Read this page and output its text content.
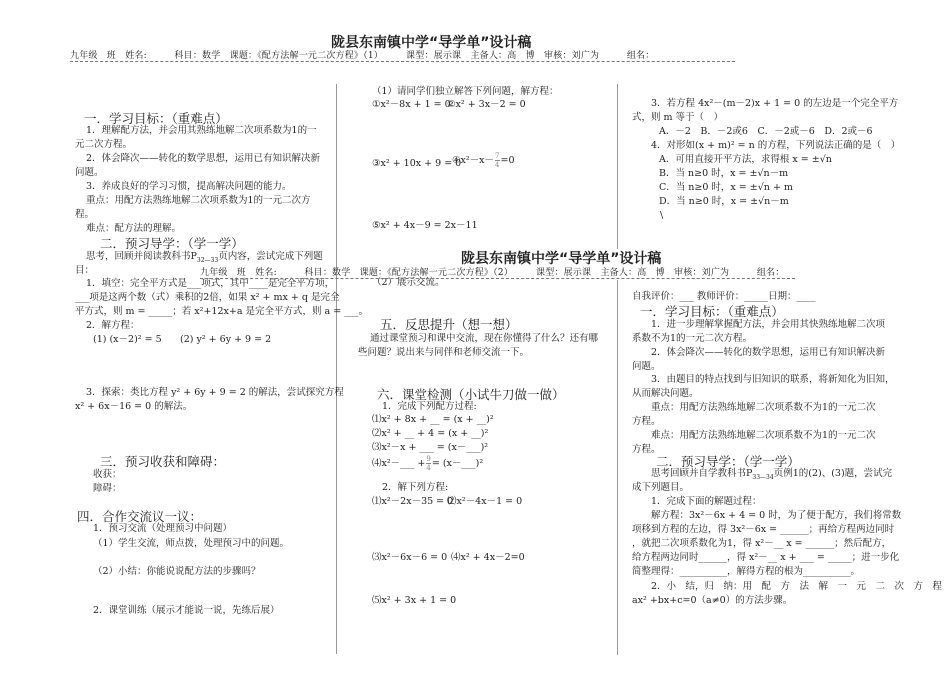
陇县东南镇中学“导学单”设计稿
九年级　班　姓名:　　　科目：数学　课题：《配方法解一元二次方程》（1）　　　课型：展示课　主备人：高　博　审核：刘广为　　　组名：
一．学习目标：（重难点）
1．理解配方法，并会用其熟练地解二次项系数为1的一
元二次方程。
2．体会降次——转化的数学思想，运用已有知识解决新
问题。
3．养成良好的学习习惯，提高解决问题的能力。
重点：用配方法熟练地解二次项系数为1的一元二次方
程。
难点：配方法的理解。
二．预习导学：（学一学）
思考，回顾并阅读教科书$P_{32—33}$页内容，尝试完成下列题
目：
1．填空：完全平方式是___项式，其中____是完全平方项，
___项是这两个数（式）乘积的2倍，如果 x² + mx + q 是完全
平方式，则 m = _____；若 x²+12x+a 是完全平方式，则 a = ___。
2．解方程：
(1) (x－2)² = 5 (2) y² + 6y + 9 = 2
3．探索：类比方程 y² + 6y + 9 = 2 的解法，尝试探究方程
x² + 6x－16 = 0 的解法。
三．预习收获和障碍：
收获：
障碍：
四．合作交流议一议：
1．预习交流（处理预习中问题）
（1）学生交流，师点拨，处理预习中的问题。
（2）小结：你能说说配方法的步骤吗？
2．课堂训练（展示才能说一说，先练后展）
（1）请同学们独立解答下列问题，解方程：
①x²－8x + 1 = 0
②x² + 3x－2 = 0
③x² + 10x + 9 = 0
④x²－x－ $\frac{7}{4} =0$
⑤x² + 4x－9 = 2x－11
（2）展示交流。
五．反思提升（想一想）
通过课堂预习和课中交流，现在你懂得了什么？还有哪
些问题？说出来与同伴和老师交流一下。
六．课堂检测（小试牛刀做一做）
1．完成下列配方过程:
⑴x² + 8x + __ = (x + __)²
⑵x² + __ + 4 = (x + __)²
⑶x²－x + ___ = (x－___)²
⑷x²－___ + $\frac{9}{4}$ = (x－___)²
2．解下列方程:
⑴x²－2x－35 = 0
⑵x²－4x－1 = 0
⑶x²－6x－6 = 0 ⑷x² + 4x－2=0
⑸x² + 3x + 1 = 0
3．若方程 4x²－(m－2)x + 1 = 0 的左边是一个完全平方
式，则 m 等于（　）
A．－2　B．－2或6　C．－2或－6　D．2或－6
4．对形如(x + m)² = n 的方程，下列说法正确的是（　）
A．可用直接开平方法，求得根 x = ±√n
B．当 n≥0 时，x = ±√n－m
C．当 n≥0 时，x = ±√n + m
D．当 n≥0 时，x = ±√n－m
\
陇县东南镇中学“导学单”设计稿
九年级　班　姓名:　　　科目：数学　课题：《配方法解一元二次方程》（2）　　　课型：展示课　主备人：高　博　审核：刘广为　　　组名：
自我评价：___ 教师评价：_____日期：____
一．学习目标：（重难点）
1．进一步理解掌握配方法，并会用其快熟练地解二次项
系数不为1的一元二次方程。
2．体会降次——转化的数学思想，运用已有知识解决新
问题。
3．由题目的特点找到与旧知识的联系，将新知化为旧知，
从而解决问题。
重点：用配方法熟练地解二次项系数不为1的一元二次
方程。
难点：用配方法熟练地解二次项系数不为1的一元二次
方程。
二．预习导学：（学一学）
思考回顾并自学教科书$P_{33—34}$页例1的(2)、(3)题，尝试完
成下列题目。
1．完成下面的解题过程：
解方程：3x²－6x + 4 = 0 时，为了便于配方，我们将常数
项移到方程的左边，得 3x²－6x = ______；再给方程两边同时
，就把二次项系数化为1，得 x²－__ x = ______；然后配方，
给方程两边同时______，得 x²－__ x + ___ = _____；进一步化
简整理得：__________，解得方程的根为__________。
2．小　结，归　纳：用　配　方　法　解　一　元　二　次　方　程
ax² +bx+c=0（a≠0）的方法步骤。
